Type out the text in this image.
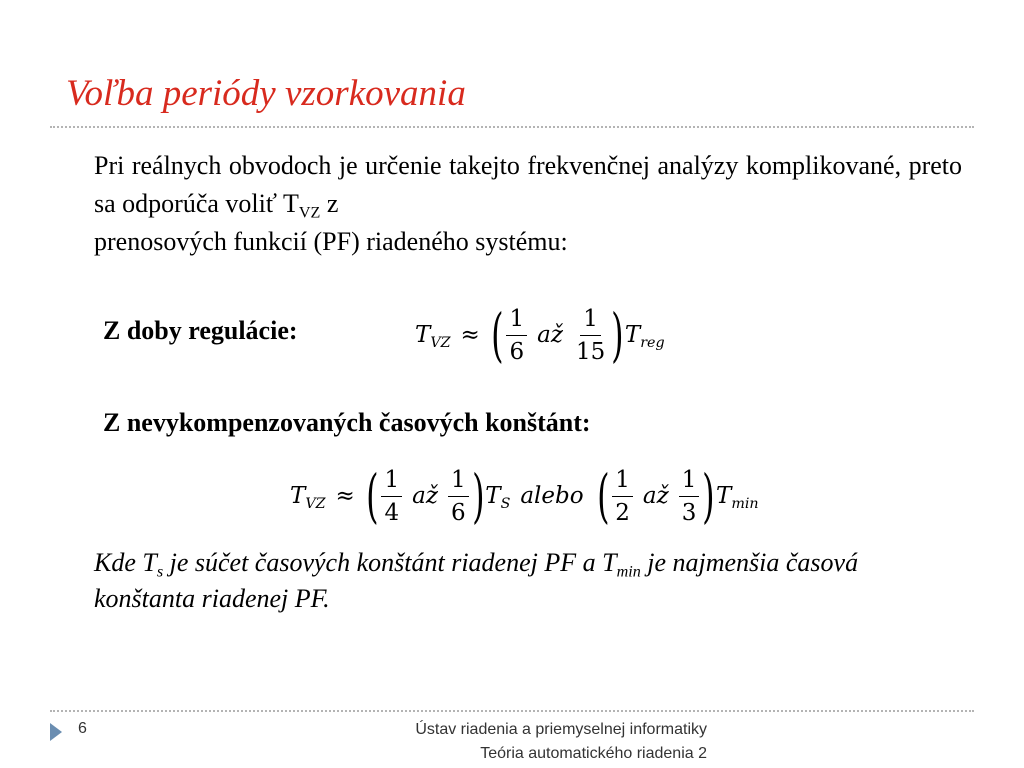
Voľba periódy vzorkovania
Pri reálnych obvodoch je určenie takejto frekvenčnej analýzy komplikované, preto sa odporúča voliť $T_{VZ}$ z
prenosových funkcií (PF) riadeného systému:
Z doby regulácie:	$T_{VZ}$ ≈ ( $\frac{1}{6}$ až $\frac{1}{15}$ ) $T_{reg}$
Z nevykompenzovaných časových konštánt:
$T_{VZ}$ ≈ ( $\frac{1}{4}$ až $\frac{1}{6}$ ) $T_S$ alebo ( $\frac{1}{2}$ až $\frac{1}{3}$ ) $T_{min}$
Kde $T_s$ je súčet časových konštánt riadenej PF a $T_{min}$ je najmenšia časová konštanta riadenej PF.
6	Ústav riadenia a priemyselnej informatiky
Teória automatického riadenia 2
